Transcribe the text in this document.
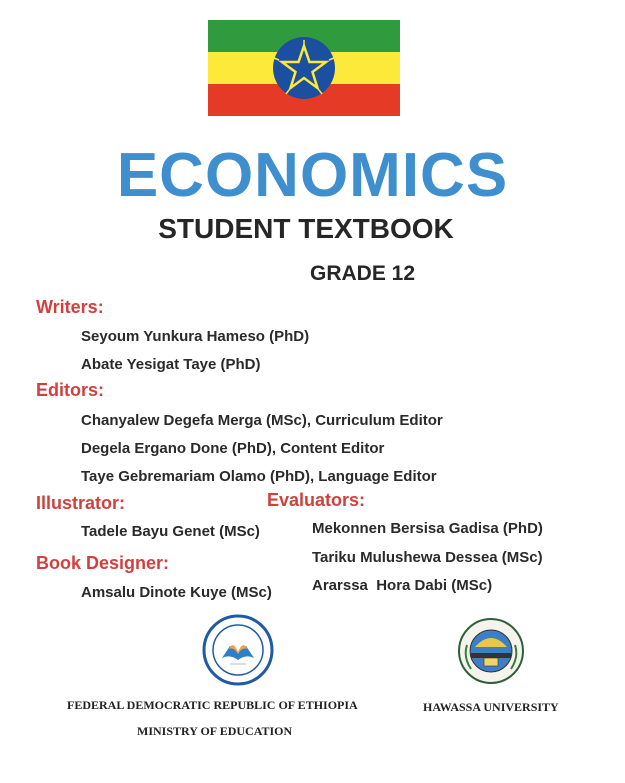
ECONOMICS
STUDENT TEXTBOOK
GRADE 12
Writers:
Seyoum Yunkura Hameso (PhD)
Abate Yesigat Taye (PhD)
Editors:
Chanyalew Degefa Merga (MSc), Curriculum Editor
Degela Ergano Done (PhD), Content Editor
Taye Gebremariam Olamo (PhD), Language Editor
Illustrator:
Tadele Bayu Genet (MSc)
Book Designer:
Amsalu Dinote Kuye (MSc)
Evaluators:
Mekonnen Bersisa Gadisa (PhD)
Tariku Mulushewa Dessea (MSc)
Ararssa  Hora Dabi (MSc)
FEDERAL DEMOCRATIC REPUBLIC OF ETHIOPIA
MINISTRY OF EDUCATION
HAWASSA UNIVERSITY
